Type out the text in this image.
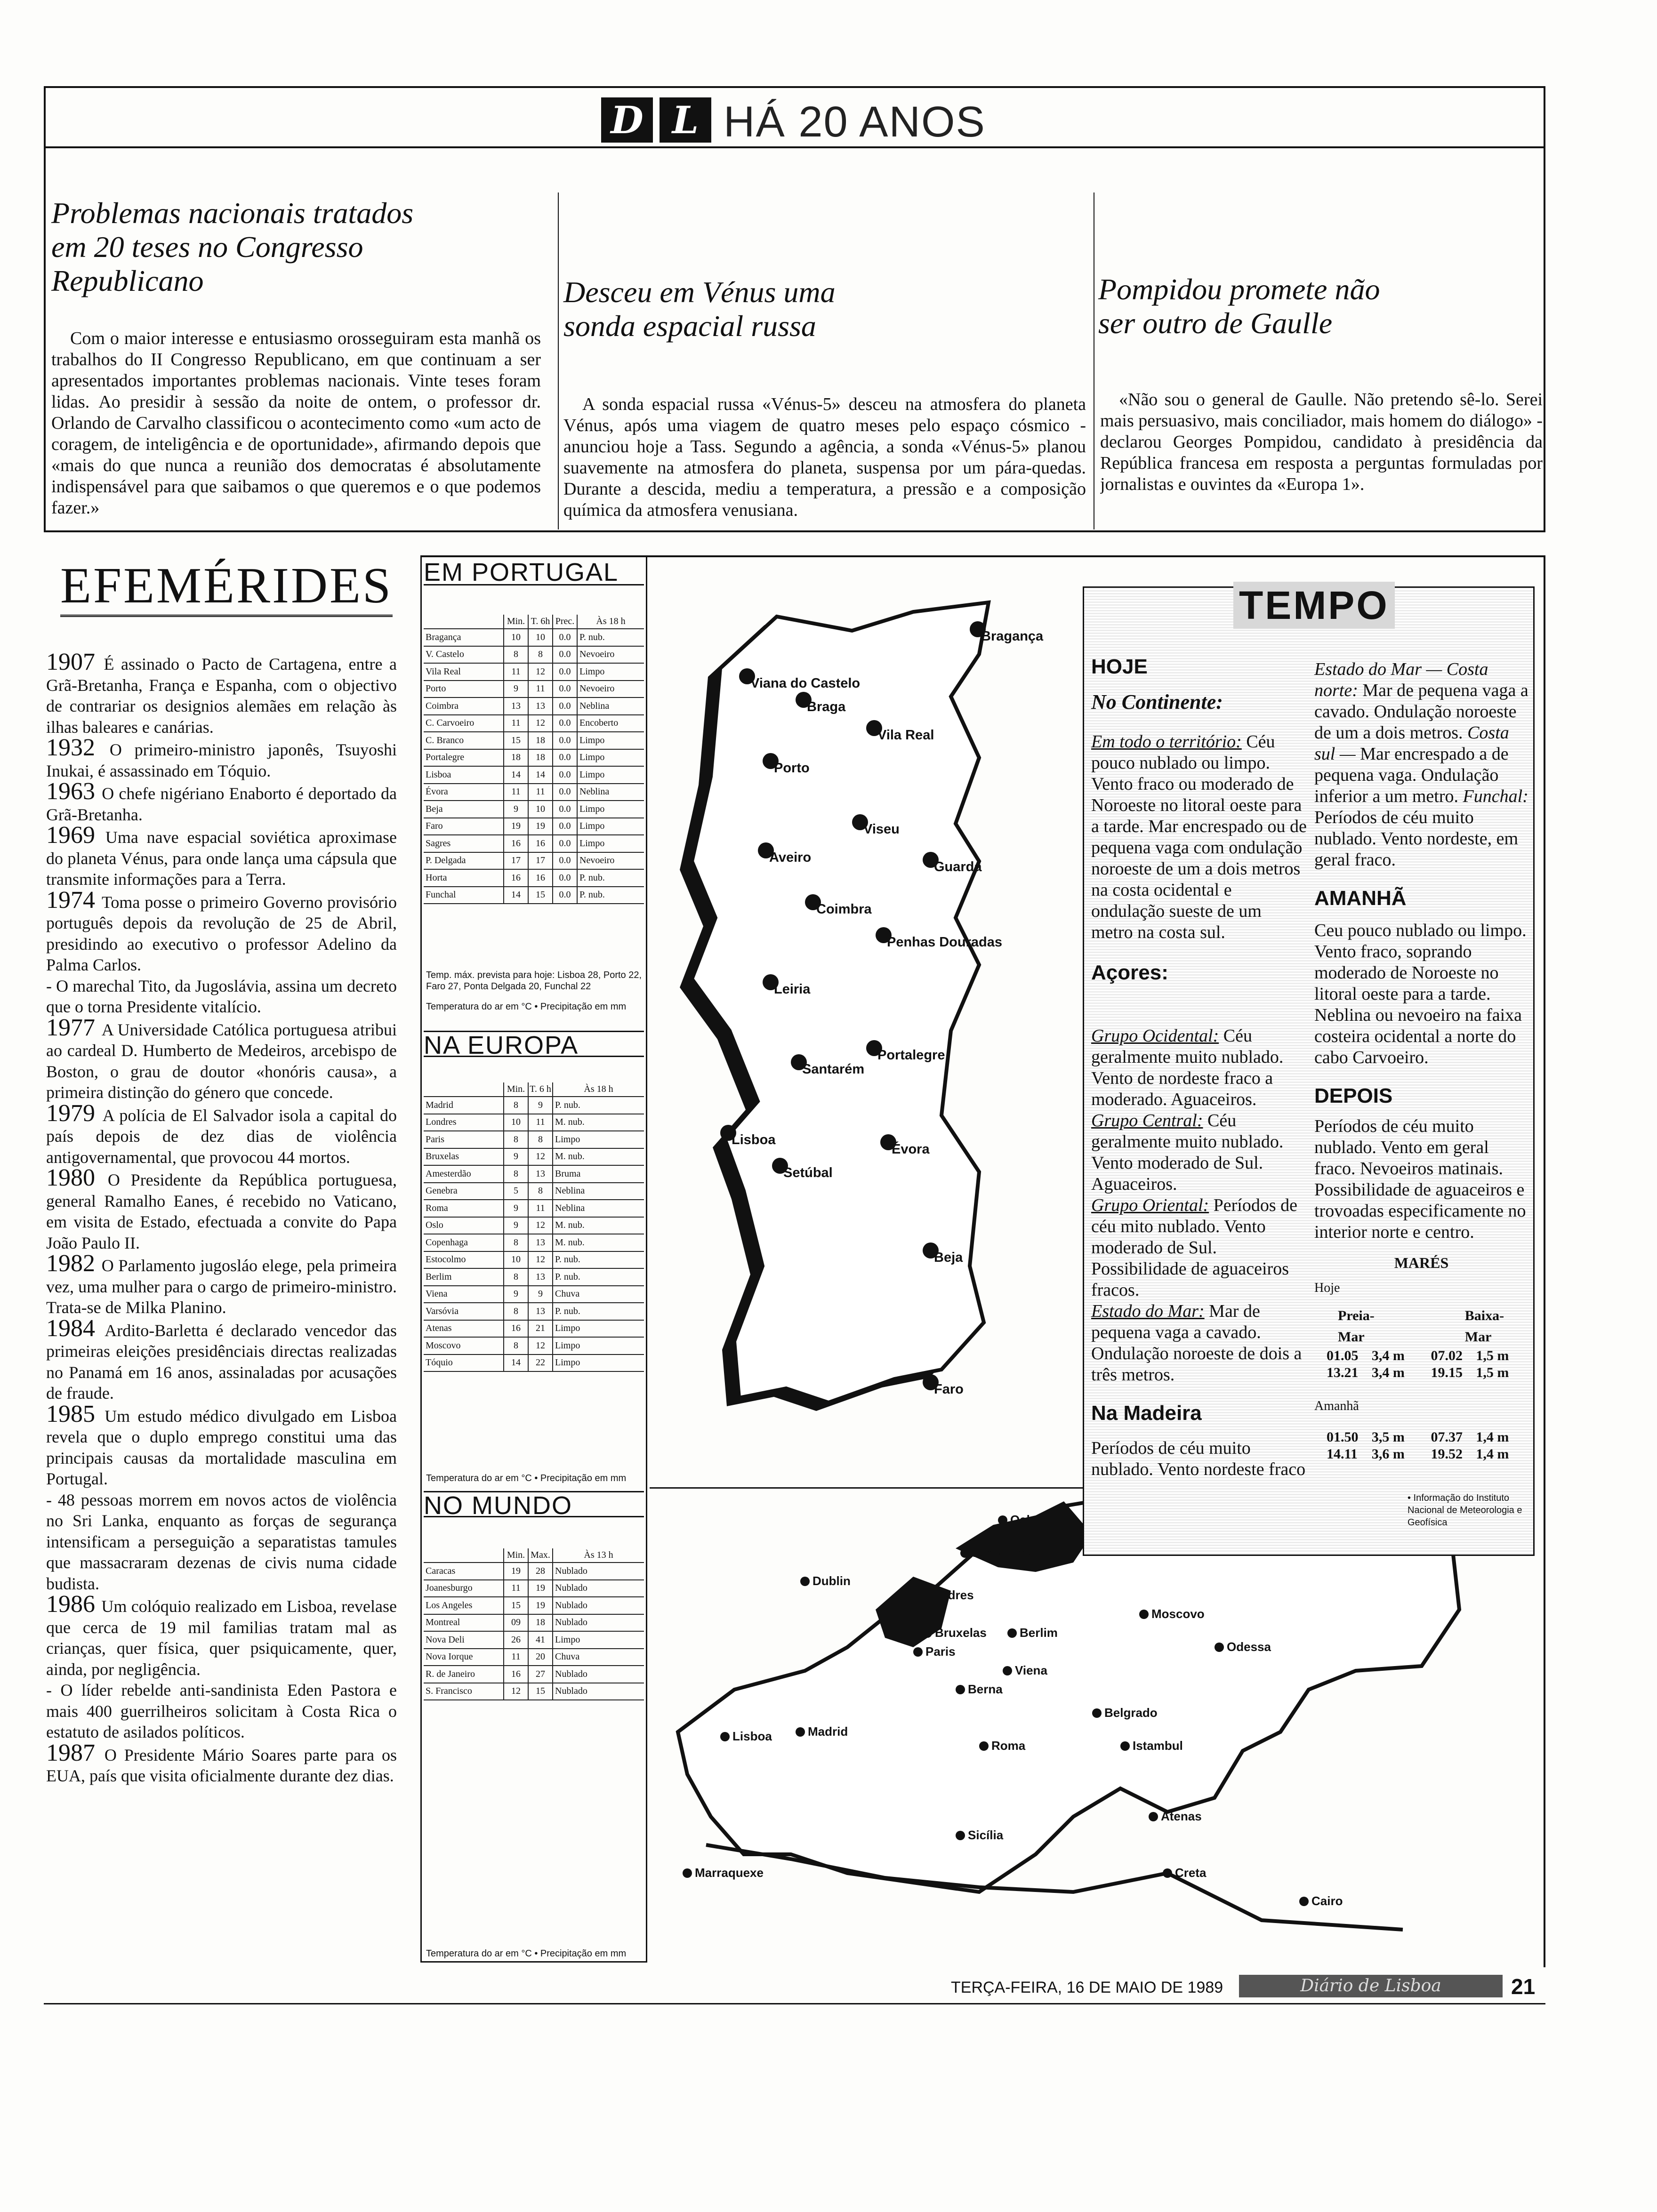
D L HÁ 20 ANOS
Problemas nacionais tratados em 20 teses no Congresso Republicano

Com o maior interesse e entusiasmo orosseguiram esta manhã os trabalhos do II Congresso Republicano, em que continuam a ser apresentados importantes problemas nacionais. Vinte teses foram lidas. Ao presidir à sessão da noite de ontem, o professor dr. Orlando de Carvalho classificou o acontecimento como «um acto de coragem, de inteligência e de oportunidade», afirmando depois que «mais do que nunca a reunião dos democratas é absolutamente indispensável para que saibamos o que queremos e o que podemos fazer.»

Desceu em Vénus uma sonda espacial russa

A sonda espacial russa «Vénus-5» desceu na atmosfera do planeta Vénus, após uma viagem de quatro meses pelo espaço cósmico - anunciou hoje a Tass. Segundo a agência, a sonda «Vénus-5» planou suavemente na atmosfera do planeta, suspensa por um pára-quedas. Durante a descida, mediu a temperatura, a pressão e a composição química da atmosfera venusiana.

Pompidou promete não ser outro de Gaulle

«Não sou o general de Gaulle. Não pretendo sê-lo. Serei mais persuasivo, mais conciliador, mais homem do diálogo» - declarou Georges Pompidou, candidato à presidência da República francesa em resposta a perguntas formuladas por jornalistas e ouvintes da «Europa 1».

EFEMÉRIDES
1907 É assinado o Pacto de Cartagena, entre a Grã-Bretanha, França e Espanha, com o objectivo de contrariar os designios alemães em relação às ilhas baleares e canárias.
1932 O primeiro-ministro japonês, Tsuyoshi Inukai, é assassinado em Tóquio.
1963 O chefe nigériano Enaborto é deportado da Grã-Bretanha.
1969 Uma nave espacial soviética aproximase do planeta Vénus, para onde lança uma cápsula que transmite informações para a Terra.
1974 Toma posse o primeiro Governo provisório português depois da revolução de 25 de Abril, presidindo ao executivo o professor Adelino da Palma Carlos.
- O marechal Tito, da Jugoslávia, assina um decreto que o torna Presidente vitalício.
1977 A Universidade Católica portuguesa atribui ao cardeal D. Humberto de Medeiros, arcebispo de Boston, o grau de doutor «honóris causa», a primeira distinção do género que concede.
1979 A polícia de El Salvador isola a capital do país depois de dez dias de violência antigovernamental, que provocou 44 mortos.
1980 O Presidente da República portuguesa, general Ramalho Eanes, é recebido no Vaticano, em visita de Estado, efectuada a convite do Papa João Paulo II.
1982 O Parlamento jugosláo elege, pela primeira vez, uma mulher para o cargo de primeiro-ministro. Trata-se de Milka Planino.
1984 Ardito-Barletta é declarado vencedor das primeiras eleições presidênciais directas realizadas no Panamá em 16 anos, assinaladas por acusações de fraude.
1985 Um estudo médico divulgado em Lisboa revela que o duplo emprego constitui uma das principais causas da mortalidade masculina em Portugal.
- 48 pessoas morrem em novos actos de violência no Sri Lanka, enquanto as forças de segurança intensificam a perseguição a separatistas tamules que massacraram dezenas de civis numa cidade budista.
1986 Um colóquio realizado em Lisboa, revelase que cerca de 19 mil familias tratam mal as crianças, quer física, quer psiquicamente, quer, ainda, por negligência.
- O líder rebelde anti-sandinista Eden Pastora e mais 400 guerrilheiros solicitam à Costa Rica o estatuto de asilados políticos.
1987 O Presidente Mário Soares parte para os EUA, país que visita oficialmente durante dez dias.
EM PORTUGAL
	Min.	T. 6h	Prec.	Às 18 h
Bragança	10	10	0.0	P. nub.
V. Castelo	8	8	0.0	Nevoeiro
Vila Real	11	12	0.0	Limpo
Porto	9	11	0.0	Nevoeiro
Coimbra	13	13	0.0	Neblina
C. Carvoeiro	11	12	0.0	Encoberto
C. Branco	15	18	0.0	Limpo
Portalegre	18	18	0.0	Limpo
Lisboa	14	14	0.0	Limpo
Évora	11	11	0.0	Neblina
Beja	9	10	0.0	Limpo
Faro	19	19	0.0	Limpo
Sagres	16	16	0.0	Limpo
P. Delgada	17	17	0.0	Nevoeiro
Horta	16	16	0.0	P. nub.
Funchal	14	15	0.0	P. nub.
Temp. máx. prevista para hoje: Lisboa 28, Porto 22, Faro 27, Ponta Delgada 20, Funchal 22
Temperatura do ar em °C • Precipitação em mm
NA EUROPA
	Min.	T. 6 h	Às 18 h
Madrid	8	9	P. nub.
Londres	10	11	M. nub.
Paris	8	8	Limpo
Bruxelas	9	12	M. nub.
Amesterdão	8	13	Bruma
Genebra	5	8	Neblina
Roma	9	11	Neblina
Oslo	9	12	M. nub.
Copenhaga	8	13	M. nub.
Estocolmo	10	12	P. nub.
Berlim	8	13	P. nub.
Viena	9	9	Chuva
Varsóvia	8	13	P. nub.
Atenas	16	21	Limpo
Moscovo	8	12	Limpo
Tóquio	14	22	Limpo
Temperatura do ar em °C • Precipitação em mm
NO MUNDO
	Min.	Max.	Às 13 h
Caracas	19	28	Nublado
Joanesburgo	11	19	Nublado
Los Angeles	15	19	Nublado
Montreal	09	18	Nublado
Nova Deli	26	41	Limpo
Nova Iorque	11	20	Chuva
R. de Janeiro	16	27	Nublado
S. Francisco	12	15	Nublado
Temperatura do ar em °C • Precipitação em mm
Bragança
Viana do Castelo
Braga
Vila Real
Porto
Viseu
Aveiro
Guarda
Coimbra
Penhas Douradas
Leiria
Portalegre
Santarém
Lisboa
Évora
Setúbal
Beja
Faro
Oslo
Estocolmo
Dublin
Londres
Moscovo
Bruxelas	Berlim
Paris	Odessa
Viena
Berna
Belgrado
Lisboa	Madrid
Roma	Istambul
Sicília
Atenas
Marraquexe	Creta
Cairo
TEMPO
HOJE
No Continente:
Em todo o território: Céu pouco nublado ou limpo. Vento fraco ou moderado de Noroeste no litoral oeste para a tarde. Mar encrespado ou de pequena vaga com ondulação noroeste de um a dois metros na costa ocidental e ondulação sueste de um metro na costa sul.
Açores:
Grupo Ocidental: Céu geralmente muito nublado. Vento de nordeste fraco a moderado. Aguaceiros.
Grupo Central: Céu geralmente muito nublado. Vento moderado de Sul. Aguaceiros.
Grupo Oriental: Períodos de céu mito nublado. Vento moderado de Sul. Possibilidade de aguaceiros fracos.
Estado do Mar: Mar de pequena vaga a cavado. Ondulação noroeste de dois a três metros.
Na Madeira
Períodos de céu muito nublado. Vento nordeste fraco
Estado do Mar — Costa norte: Mar de pequena vaga a cavado. Ondulação noroeste de um a dois metros. Costa sul — Mar encrespado a de pequena vaga. Ondulação inferior a um metro. Funchal: Períodos de céu muito nublado. Vento nordeste, em geral fraco.
AMANHÃ
Ceu pouco nublado ou limpo. Vento fraco, soprando moderado de Noroeste no litoral oeste para a tarde. Neblina ou nevoeiro na faixa costeira ocidental a norte do cabo Carvoeiro.
DEPOIS
Períodos de céu muito nublado. Vento em geral fraco. Nevoeiros matinais. Possibilidade de aguaceiros e trovoadas especificamente no interior norte e centro.
MARÉS
Hoje
Preia-Mar
Baixa-Mar
01.05 3,4 m	07.02 1,5 m
13.21 3,4 m	19.15 1,5 m
Amanhã
01.50 3,5 m	07.37 1,4 m
14.11	3,6 m	19.52 1,4 m
• Informação do Instituto Nacional de Meteorologia e Geofísica
TERÇA-FEIRA, 16 DE MAIO DE 1989	Diário de Lisboa	21
